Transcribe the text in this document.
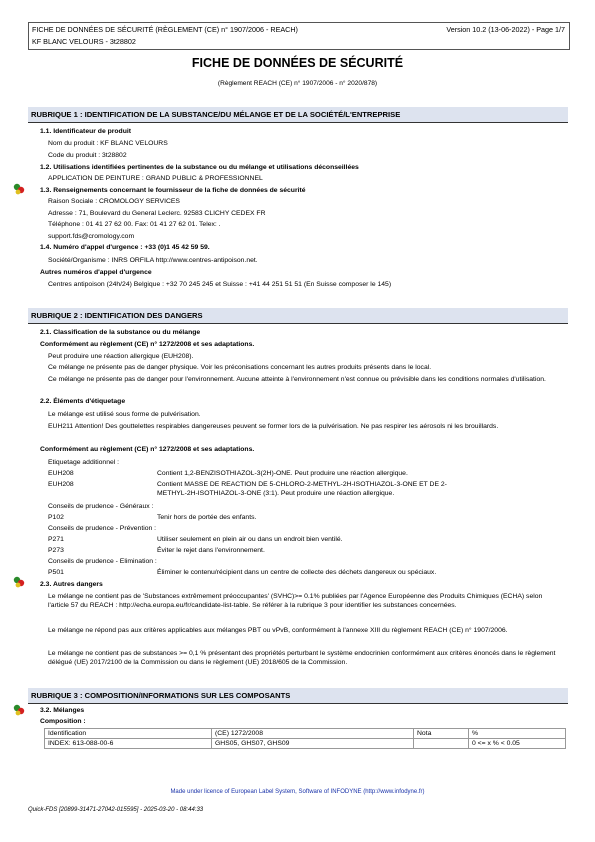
FICHE DE DONNÉES DE SÉCURITÉ (RÈGLEMENT (CE) n° 1907/2006 - REACH)
KF BLANC VELOURS - 3t28802
Version 10.2 (13-06-2022) - Page 1/7
FICHE DE DONNÉES DE SÉCURITÉ
(Règlement REACH (CE) n° 1907/2006 - n° 2020/878)
RUBRIQUE 1 : IDENTIFICATION DE LA SUBSTANCE/DU MÉLANGE ET DE LA SOCIÉTÉ/L'ENTREPRISE
1.1. Identificateur de produit
Nom du produit : KF BLANC VELOURS
Code du produit : 3t28802
1.2. Utilisations identifiées pertinentes de la substance ou du mélange et utilisations déconseillées
APPLICATION DE PEINTURE : GRAND PUBLIC & PROFESSIONNEL
1.3. Renseignements concernant le fournisseur de la fiche de données de sécurité
Raison Sociale : CROMOLOGY SERVICES
Adresse : 71, Boulevard du General Leclerc. 92583 CLICHY CEDEX FR
Téléphone : 01 41 27 62 00. Fax: 01 41 27 62 01. Telex: .
support.fds@cromology.com
1.4. Numéro d'appel d'urgence : +33 (0)1 45 42 59 59.
Société/Organisme : INRS ORFILA http://www.centres-antipoison.net.
Autres numéros d'appel d'urgence
Centres antipoison (24h/24) Belgique : +32 70 245 245 et Suisse : +41 44 251 51 51 (En Suisse composer le 145)
RUBRIQUE 2 : IDENTIFICATION DES DANGERS
2.1. Classification de la substance ou du mélange
Conformément au règlement (CE) n° 1272/2008 et ses adaptations.
Peut produire une réaction allergique (EUH208).
Ce mélange ne présente pas de danger physique. Voir les préconisations concernant les autres produits présents dans le local.
Ce mélange ne présente pas de danger pour l'environnement. Aucune atteinte à l'environnement n'est connue ou prévisible dans les conditions normales d'utilisation.
2.2. Éléments d'étiquetage
Le mélange est utilisé sous forme de pulvérisation.
EUH211 Attention! Des gouttelettes respirables dangereuses peuvent se former lors de la pulvérisation. Ne pas respirer les aérosols ni les brouillards.
Conformément au règlement (CE) n° 1272/2008 et ses adaptations.
Etiquetage additionnel :
EUH208	Contient 1,2-BENZISOTHIAZOL-3(2H)-ONE. Peut produire une réaction allergique.
EUH208	Contient MASSE DE REACTION DE 5-CHLORO-2-METHYL-2H-ISOTHIAZOL-3-ONE ET DE 2-METHYL-2H-ISOTHIAZOL-3-ONE (3:1). Peut produire une réaction allergique.
Conseils de prudence - Généraux :
P102	Tenir hors de portée des enfants.
Conseils de prudence - Prévention :
P271	Utiliser seulement en plein air ou dans un endroit bien ventilé.
P273	Éviter le rejet dans l'environnement.
Conseils de prudence - Elimination :
P501	Éliminer le contenu/récipient dans un centre de collecte des déchets dangereux ou spéciaux.
2.3. Autres dangers
Le mélange ne contient pas de 'Substances extrêmement préoccupantes' (SVHC)>= 0.1% publiées par l'Agence Européenne des Produits Chimiques (ECHA) selon l'article 57 du REACH : http://echa.europa.eu/fr/candidate-list-table. Se référer à la rubrique 3 pour identifier les substances concernées.
Le mélange ne répond pas aux critères applicables aux mélanges PBT ou vPvB, conformément à l'annexe XIII du règlement REACH (CE) n° 1907/2006.
Le mélange ne contient pas de substances >= 0,1 % présentant des propriétés perturbant le système endocrinien conformément aux critères énoncés dans le règlement délégué (UE) 2017/2100 de la Commission ou dans le règlement (UE) 2018/605 de la Commission.
RUBRIQUE 3 : COMPOSITION/INFORMATIONS SUR LES COMPOSANTS
3.2. Mélanges
Composition :
Identification	(CE) 1272/2008	Nota	%
INDEX: 613-088-00-6	GHS05, GHS07, GHS09		0 <= x % < 0.05
Made under licence of European Label System, Software of INFODYNE (http://www.infodyne.fr)
Quick-FDS [20899-31471-27042-015595] - 2025-03-20 - 08:44:33
